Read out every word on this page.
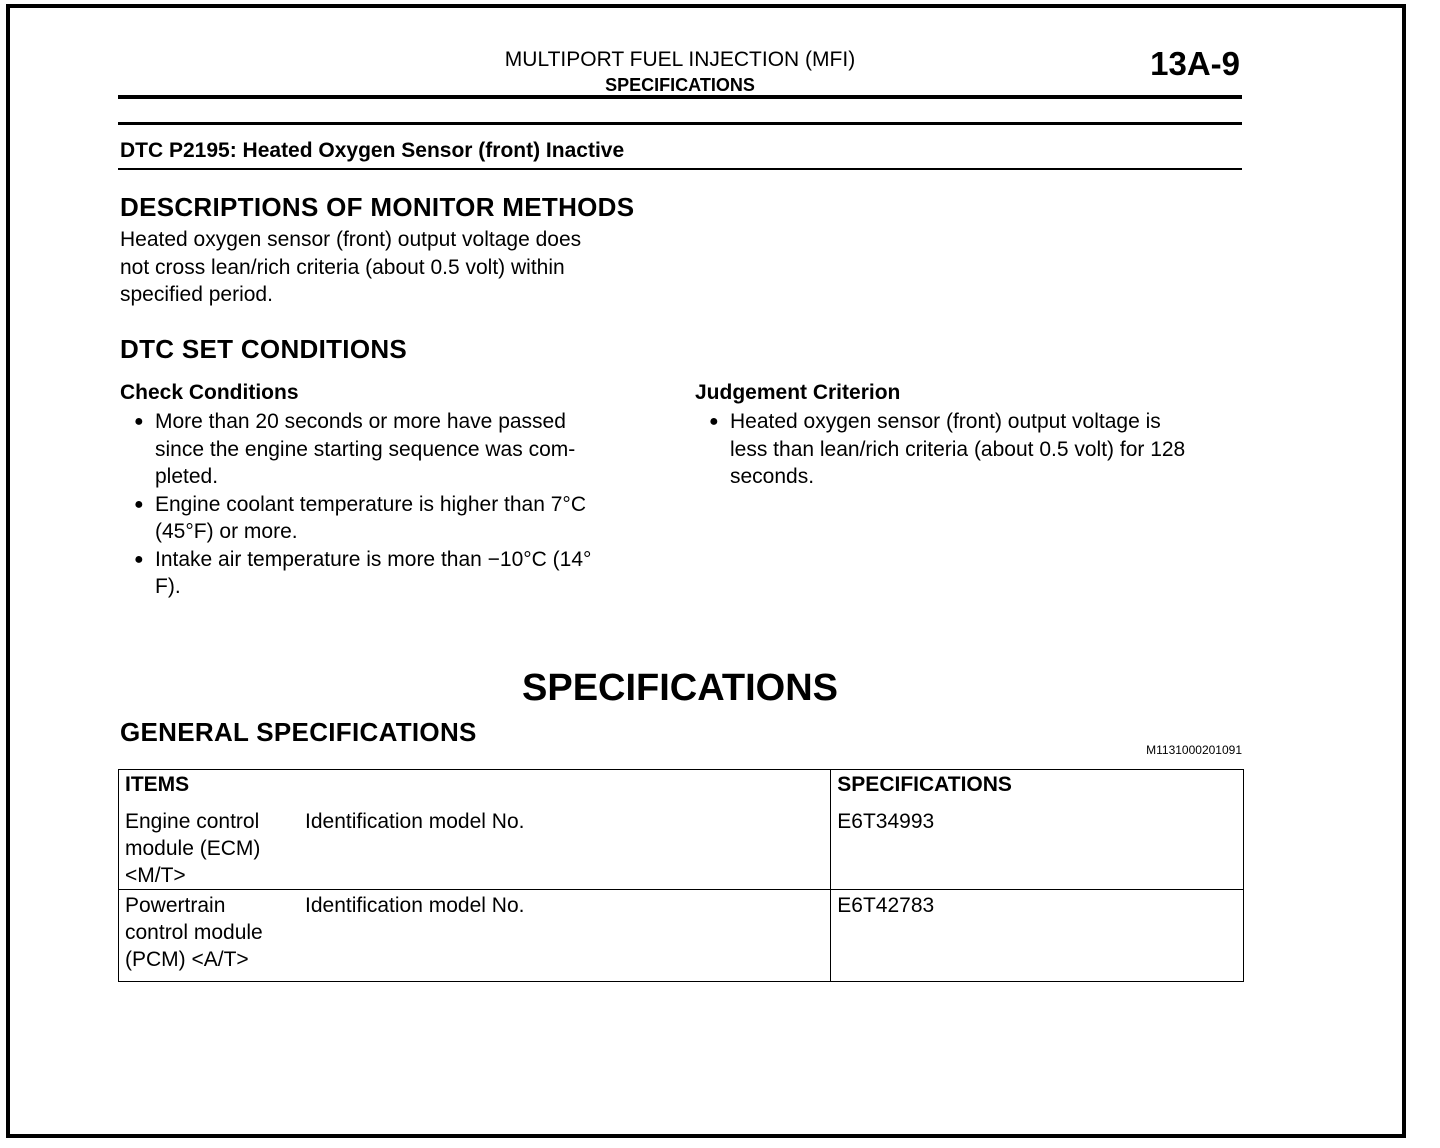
MULTIPORT FUEL INJECTION (MFI)
SPECIFICATIONS
13A-9
DTC P2195: Heated Oxygen Sensor (front) Inactive
DESCRIPTIONS OF MONITOR METHODS
Heated oxygen sensor (front) output voltage does
not cross lean/rich criteria (about 0.5 volt) within
specified period.
DTC SET CONDITIONS
Check Conditions
● More than 20 seconds or more have passed
since the engine starting sequence was com-
pleted.
● Engine coolant temperature is higher than 7°C
(45°F) or more.
● Intake air temperature is more than −10°C (14°
F).
Judgement Criterion
● Heated oxygen sensor (front) output voltage is
less than lean/rich criteria (about 0.5 volt) for 128
seconds.
SPECIFICATIONS
GENERAL SPECIFICATIONS
M1131000201091
ITEMS	SPECIFICATIONS

Engine control
module (ECM)
<M/T>
Identification model No.	E6T34993

Powertrain
control module
(PCM) <A/T>
Identification model No.	E6T42783
